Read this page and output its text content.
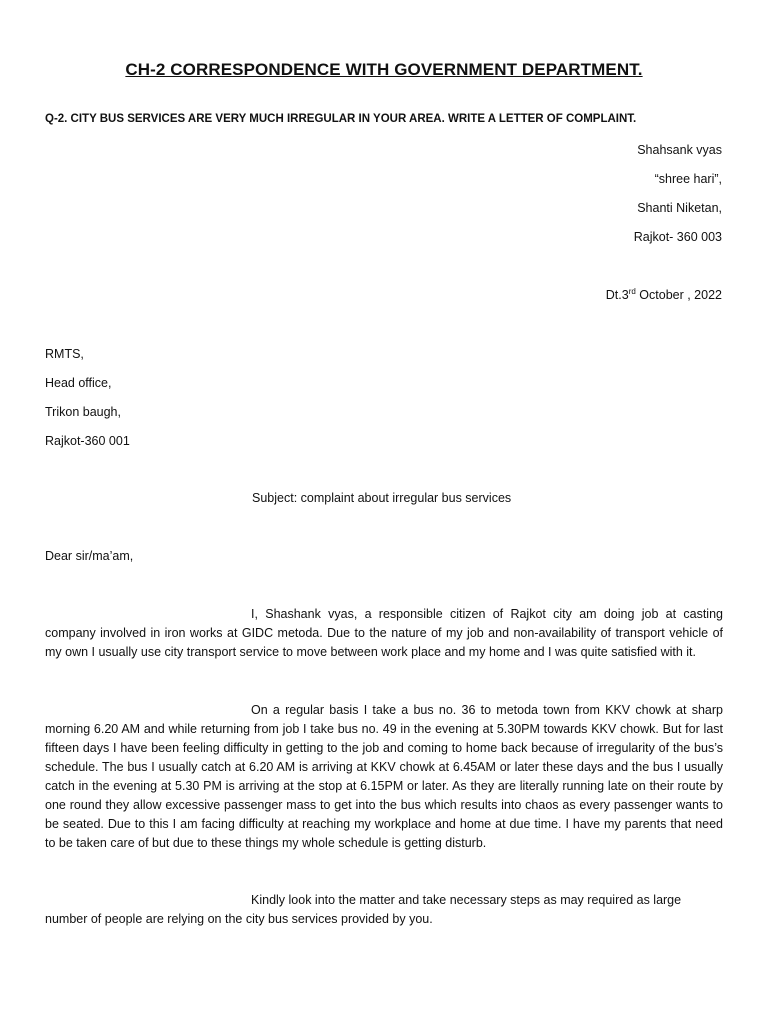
CH-2 CORRESPONDENCE WITH GOVERNMENT DEPARTMENT.
Q-2. CITY BUS SERVICES ARE VERY MUCH IRREGULAR IN YOUR AREA. WRITE A LETTER OF COMPLAINT.
Shahsank vyas
“shree hari”,
Shanti Niketan,
Rajkot- 360 003
Dt.3rd October , 2022
RMTS,
Head office,
Trikon baugh,
Rajkot-360 001
Subject: complaint about irregular bus services
Dear sir/ma’am,
I, Shashank vyas, a responsible citizen of Rajkot city am doing job at casting company involved in iron works at GIDC metoda. Due to the nature of my job and non-availability of transport vehicle of my own I usually use city transport service to move between work place and my home and I was quite satisfied with it.
On a regular basis I take a bus no. 36 to metoda town from KKV chowk at sharp morning 6.20 AM and while returning from job I take bus no. 49 in the evening at 5.30PM towards KKV chowk. But for last fifteen days I have been feeling difficulty in getting to the job and coming to home back because of irregularity of the bus’s schedule. The bus I usually catch at 6.20 AM is arriving at KKV chowk at 6.45AM or later these days and the bus I usually catch in the evening at 5.30 PM is arriving at the stop at 6.15PM or later. As they are literally running late on their route by one round they allow excessive passenger mass to get into the bus which results into chaos as every passenger wants to be seated. Due to this I am facing difficulty at reaching my workplace and home at due time. I have my parents that need to be taken care of but due to these things my whole schedule is getting disturb.
Kindly look into the matter and take necessary steps as may required as large number of people are relying on the city bus services provided by you.
